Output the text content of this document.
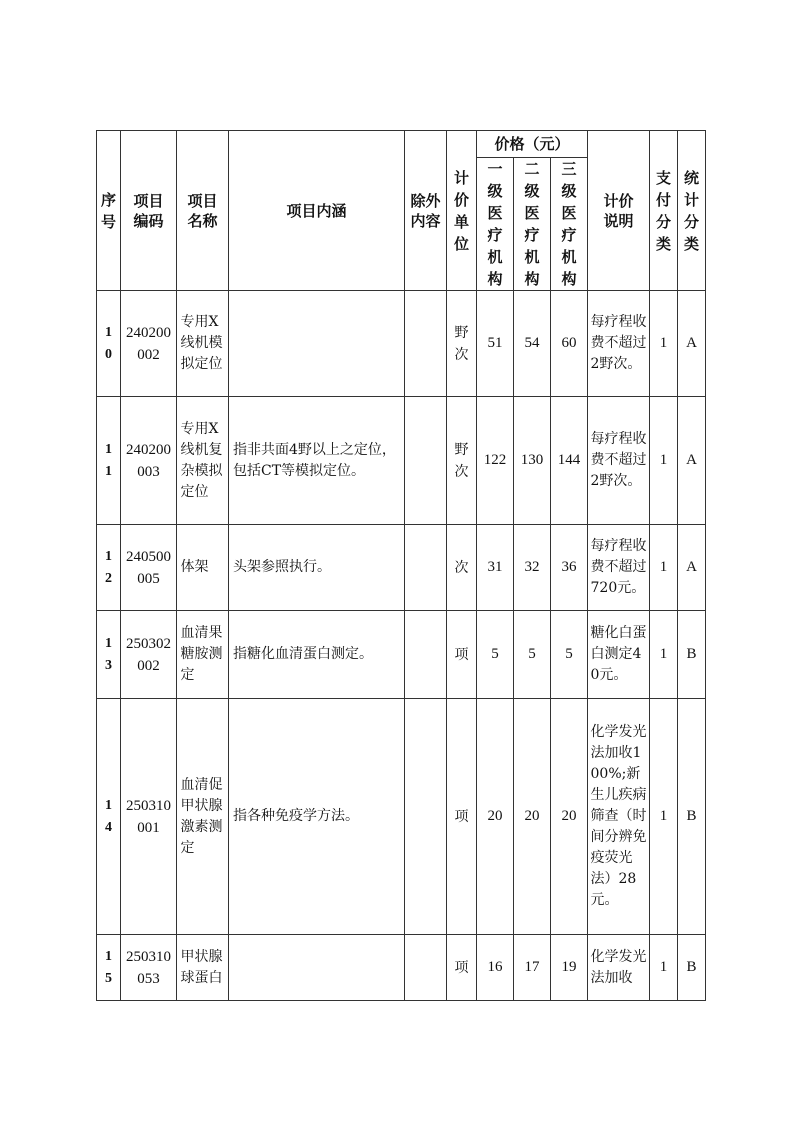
序号	项目编码	项目名称	项目内涵	除外内容	计价单位	价格（元）			计价说明	支付分类	统计分类
						一级医疗机构	二级医疗机构	三级医疗机构			
10	240200002	专用X线机模拟定位			野次	51	54	60	每疗程收费不超过2野次。	1	A
11	240200003	专用X线机复杂模拟定位	指非共面4野以上之定位，包括CT等模拟定位。		野次	122	130	144	每疗程收费不超过2野次。	1	A
12	240500005	体架	头架参照执行。		次	31	32	36	每疗程收费不超过720元。	1	A
13	250302002	血清果糖胺测定	指糖化血清蛋白测定。		项	5	5	5	糖化白蛋白测定40元。	1	B
14	250310001	血清促甲状腺激素测定	指各种免疫学方法。		项	20	20	20	化学发光法加收100%;新生儿疾病筛查（时间分辨免疫荧光法）28元。	1	B
15	250310053	甲状腺球蛋白			项	16	17	19	化学发光法加收	1	B
